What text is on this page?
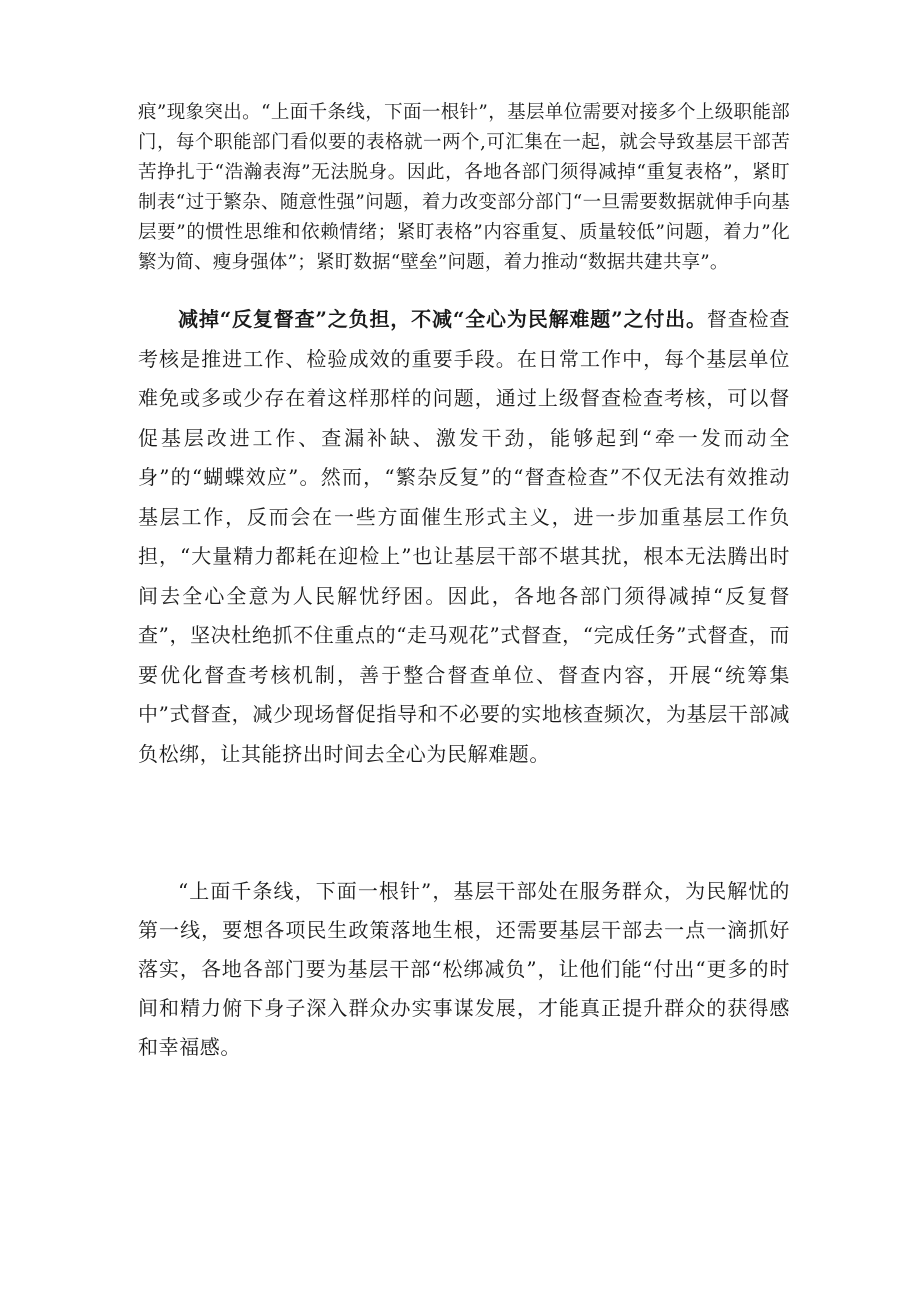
痕”现象突出。“上面千条线，下面一根针”，基层单位需要对接多个上级职能部门，每个职能部门看似要的表格就一两个,可汇集在一起，就会导致基层干部苦苦挣扎于“浩瀚表海”无法脱身。因此，各地各部门须得减掉“重复表格”，紧盯制表“过于繁杂、随意性强”问题，着力改变部分部门“一旦需要数据就伸手向基层要”的惯性思维和依赖情绪；紧盯表格”内容重复、质量较低”问题，着力”化繁为简、瘦身强体”；紧盯数据“壁垒”问题，着力推动“数据共建共享”。

减掉“反复督查”之负担，不减“全心为民解难题”之付出。督查检查考核是推进工作、检验成效的重要手段。在日常工作中，每个基层单位难免或多或少存在着这样那样的问题，通过上级督查检查考核，可以督促基层改进工作、查漏补缺、激发干劲，能够起到“牵一发而动全身”的“蝴蝶效应”。然而，“繁杂反复”的“督查检查”不仅无法有效推动基层工作，反而会在一些方面催生形式主义，进一步加重基层工作负担，“大量精力都耗在迎检上”也让基层干部不堪其扰，根本无法腾出时间去全心全意为人民解忧纾困。因此，各地各部门须得减掉“反复督查”，坚决杜绝抓不住重点的“走马观花”式督查，“完成任务”式督查，而要优化督查考核机制，善于整合督查单位、督查内容，开展“统筹集中”式督查，减少现场督促指导和不必要的实地核查频次，为基层干部减负松绑，让其能挤出时间去全心为民解难题。

“上面千条线，下面一根针”，基层干部处在服务群众，为民解忧的第一线，要想各项民生政策落地生根，还需要基层干部去一点一滴抓好落实，各地各部门要为基层干部“松绑减负”，让他们能“付出“更多的时间和精力俯下身子深入群众办实事谋发展，才能真正提升群众的获得感和幸福感。
